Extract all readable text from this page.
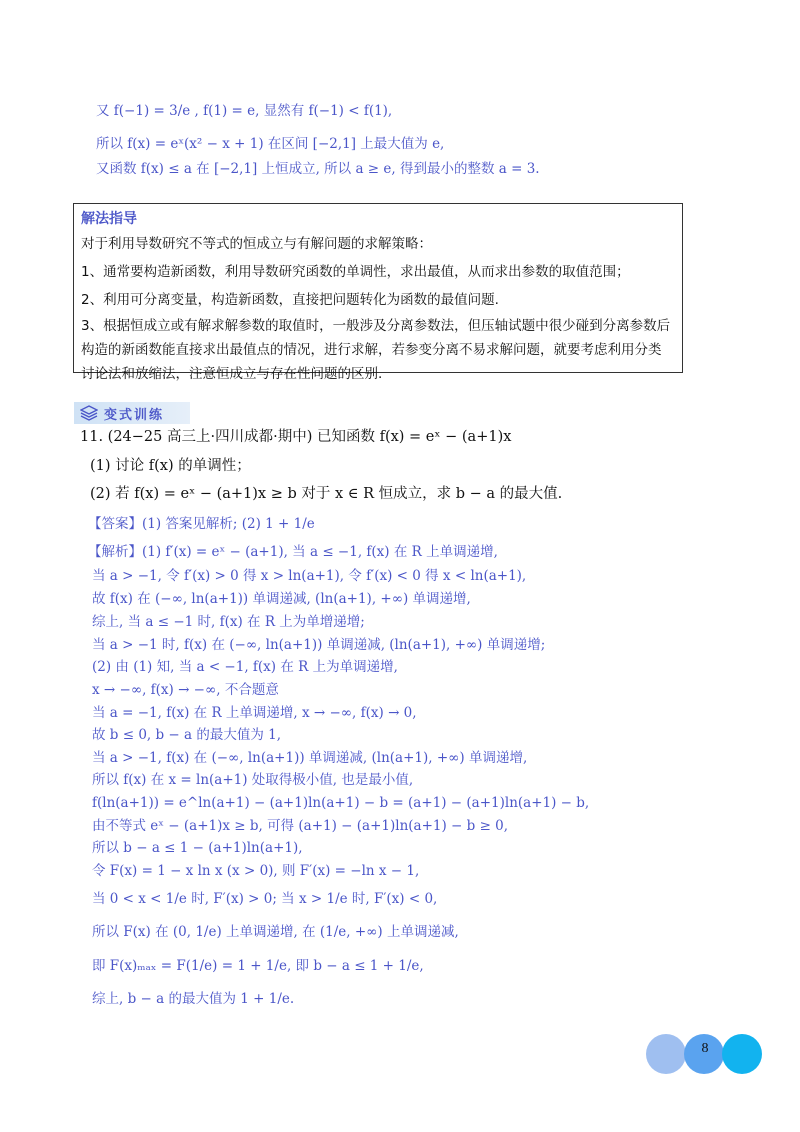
又 f(−1) = 3/e , f(1) = e, 显然有 f(−1) < f(1),
所以 f(x) = eˣ(x² − x + 1) 在区间 [−2,1] 上最大值为 e,
又函数 f(x) ≤ a 在 [−2,1] 上恒成立, 所以 a ≥ e, 得到最小的整数 a = 3.
解法指导
对于利用导数研究不等式的恒成立与有解问题的求解策略：
1、通常要构造新函数，利用导数研究函数的单调性，求出最值，从而求出参数的取值范围；
2、利用可分离变量，构造新函数，直接把问题转化为函数的最值问题.
3、根据恒成立或有解求解参数的取值时，一般涉及分离参数法，但压轴试题中很少碰到分离参数后
构造的新函数能直接求出最值点的情况，进行求解，若参变分离不易求解问题，就要考虑利用分类
讨论法和放缩法，注意恒成立与存在性问题的区别.
变式训练
11. (24−25 高三上·四川成都·期中) 已知函数 f(x) = eˣ − (a+1)x
(1) 讨论 f(x) 的单调性；
(2) 若 f(x) = eˣ − (a+1)x ≥ b 对于 x ∈ R 恒成立，求 b − a 的最大值.
【答案】(1) 答案见解析; (2) 1 + 1/e
【解析】(1) f′(x) = eˣ − (a+1), 当 a ≤ −1, f(x) 在 R 上单调递增,
当 a > −1, 令 f′(x) > 0 得 x > ln(a+1), 令 f′(x) < 0 得 x < ln(a+1),
故 f(x) 在 (−∞, ln(a+1)) 单调递减, (ln(a+1), +∞) 单调递增,
综上, 当 a ≤ −1 时, f(x) 在 R 上为单增递增;
当 a > −1 时, f(x) 在 (−∞, ln(a+1)) 单调递减, (ln(a+1), +∞) 单调递增;
(2) 由 (1) 知, 当 a < −1, f(x) 在 R 上为单调递增,
x → −∞, f(x) → −∞, 不合题意
当 a = −1, f(x) 在 R 上单调递增, x → −∞, f(x) → 0,
故 b ≤ 0, b − a 的最大值为 1,
当 a > −1, f(x) 在 (−∞, ln(a+1)) 单调递减, (ln(a+1), +∞) 单调递增,
所以 f(x) 在 x = ln(a+1) 处取得极小值, 也是最小值,
f(ln(a+1)) = e^ln(a+1) − (a+1)ln(a+1) − b = (a+1) − (a+1)ln(a+1) − b,
由不等式 eˣ − (a+1)x ≥ b, 可得 (a+1) − (a+1)ln(a+1) − b ≥ 0,
所以 b − a ≤ 1 − (a+1)ln(a+1),
令 F(x) = 1 − x ln x (x > 0), 则 F′(x) = −ln x − 1,
当 0 < x < 1/e 时, F′(x) > 0; 当 x > 1/e 时, F′(x) < 0,
所以 F(x) 在 (0, 1/e) 上单调递增, 在 (1/e, +∞) 上单调递减,
即 F(x)ₘₐₓ = F(1/e) = 1 + 1/e, 即 b − a ≤ 1 + 1/e,
综上, b − a 的最大值为 1 + 1/e.
8
